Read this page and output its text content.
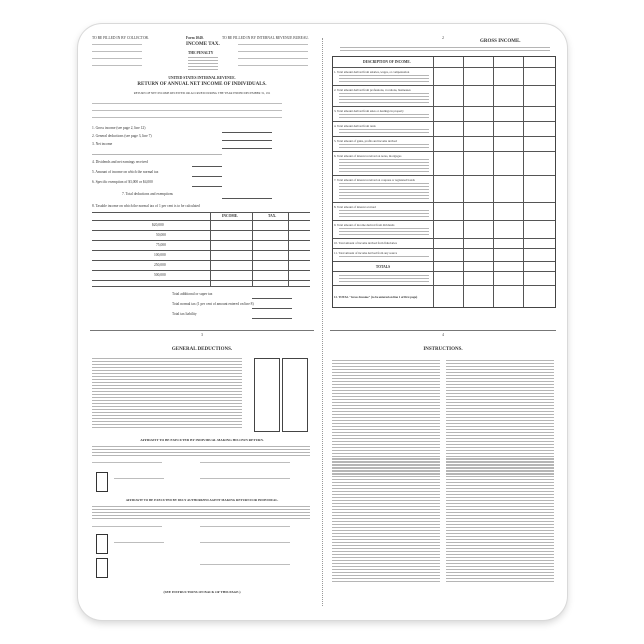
TO BE FILLED IN BY COLLECTOR.	Form 1040.	TO BE FILLED IN BY INTERNAL REVENUE BUREAU.
INCOME TAX.
THE PENALTY
UNITED STATES INTERNAL REVENUE.
RETURN OF ANNUAL NET INCOME OF INDIVIDUALS.
RETURN OF NET INCOME RECEIVED OR ACCRUED DURING THE YEAR ENDED DECEMBER 31, 191
1. Gross income (see page 2, line 12)
2. General deductions (see page 3, line 7)
3. Net income
4. Dividends and net earnings received
5. Amount of income on which the normal tax
6. Specific exemption of $3,000 or $4,000
7. Total deductions and exemptions
8. Taxable income on which the normal tax of 1 per cent is to be calculated
INCOME.	TAX.
$20,000
50,000
75,000
100,000
250,000
500,000
Total additional or super tax
Total normal tax (1 per cent of amount entered on line 8)
Total tax liability
3
GENERAL DEDUCTIONS.
AFFIDAVIT TO BE EXECUTED BY INDIVIDUAL MAKING HIS OWN RETURN.
AFFIDAVIT TO BE EXECUTED BY DULY AUTHORIZED AGENT MAKING RETURN FOR INDIVIDUAL.
(SEE INSTRUCTIONS ON BACK OF THIS PAGE.)
2
GROSS INCOME.
DESCRIPTION OF INCOME.
1. Total amount derived from salaries, wages, or compensation
2. Total amount derived from professions, vocations, businesses
3. Total amount derived from sales or dealings in property
4. Total amount derived from rents
5. Total amount of gains, profits and income derived
6. Total amount of interest received on notes, mortgages
7. Total amount of interest received on coupons or registered bonds
8. Total amount of interest accrued
9. Total amount of income derived from dividends
10. Total amount of income derived from fiduciaries
11. Total amount of income derived from any source
TOTALS
12. TOTAL "Gross Income" (to be entered on line 1 of first page)
4
INSTRUCTIONS.
